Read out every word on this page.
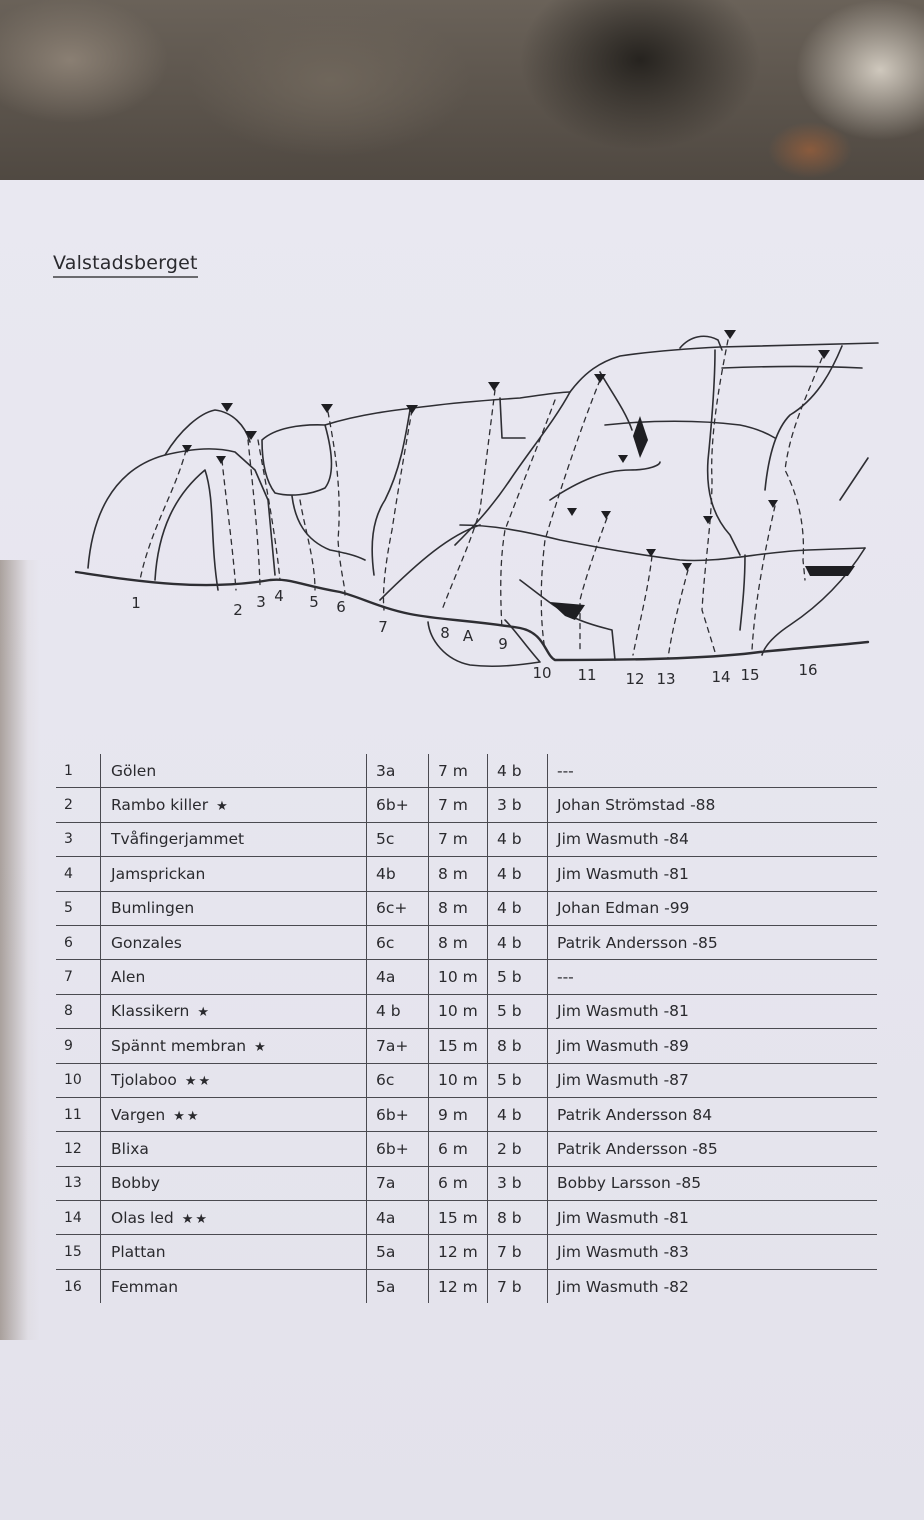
Valstadsberget
1	2 3 4 5 6
7	8 A 9
10 11 12 13 14 15	16
1	Gölen	3a	7 m	4 b	---
2	Rambo killer ★	6b+	7 m	3 b	Johan Strömstad -88
3	Tvåfingerjammet	5c	7 m	4 b	Jim Wasmuth -84
4	Jamsprickan	4b	8 m	4 b	Jim Wasmuth -81
5	Bumlingen	6c+	8 m	4 b	Johan Edman -99
6	Gonzales	6c	8 m	4 b	Patrik Andersson -85
7	Alen	4a	10 m	5 b	---
8	Klassikern ★	4 b	10 m	5 b	Jim Wasmuth -81
9	Spännt membran ★	7a+	15 m	8 b	Jim Wasmuth -89
10	Tjolaboo ★★	6c	10 m	5 b	Jim Wasmuth -87
11	Vargen ★★	6b+	9 m	4 b	Patrik Andersson 84
12	Blixa	6b+	6 m	2 b	Patrik Andersson -85
13	Bobby	7a	6 m	3 b	Bobby Larsson -85
14	Olas led ★★	4a	15 m	8 b	Jim Wasmuth -81
15	Plattan	5a	12 m	7 b	Jim Wasmuth -83
16	Femman	5a	12 m	7 b	Jim Wasmuth -82
